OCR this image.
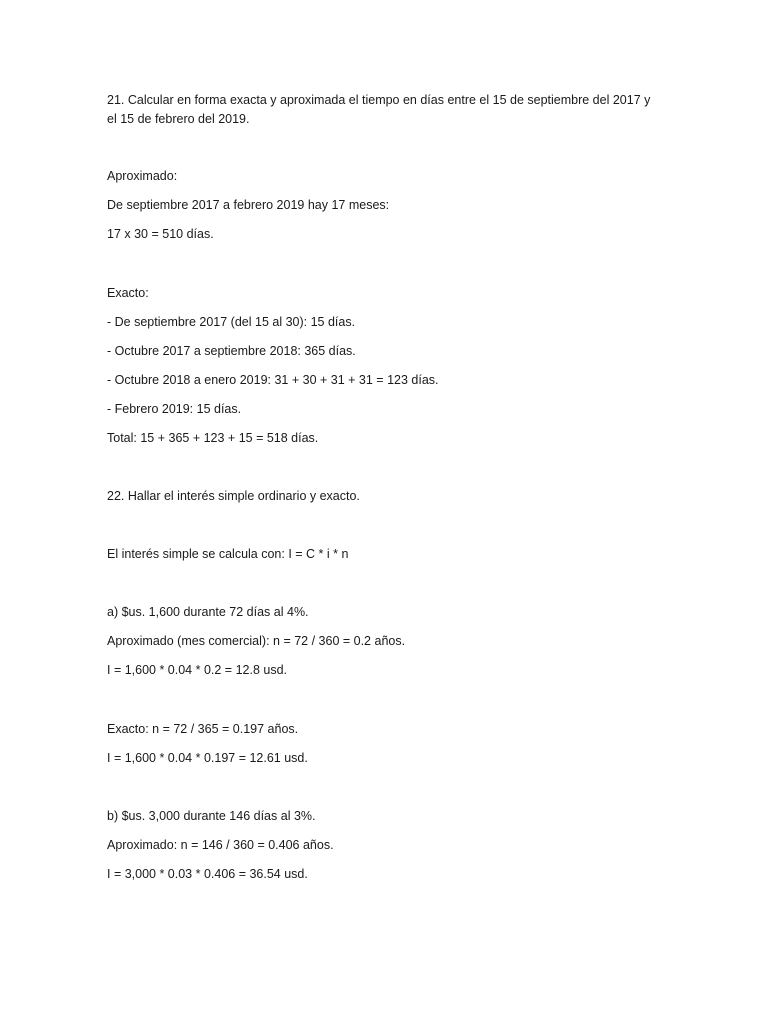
21. Calcular en forma exacta y aproximada el tiempo en días entre el 15 de septiembre del 2017 y
el 15 de febrero del 2019.
Aproximado:
De septiembre 2017 a febrero 2019 hay 17 meses:
17 x 30 = 510 días.
Exacto:
- De septiembre 2017 (del 15 al 30): 15 días.
- Octubre 2017 a septiembre 2018: 365 días.
- Octubre 2018 a enero 2019: 31 + 30 + 31 + 31 = 123 días.
- Febrero 2019: 15 días.
Total: 15 + 365 + 123 + 15 = 518 días.
22. Hallar el interés simple ordinario y exacto.
El interés simple se calcula con: I = C * i * n
a) $us. 1,600 durante 72 días al 4%.
Aproximado (mes comercial): n = 72 / 360 = 0.2 años.
I = 1,600 * 0.04 * 0.2 = 12.8 usd.
Exacto: n = 72 / 365 = 0.197 años.
I = 1,600 * 0.04 * 0.197 = 12.61 usd.
b) $us. 3,000 durante 146 días al 3%.
Aproximado: n = 146 / 360 = 0.406 años.
I = 3,000 * 0.03 * 0.406 = 36.54 usd.
